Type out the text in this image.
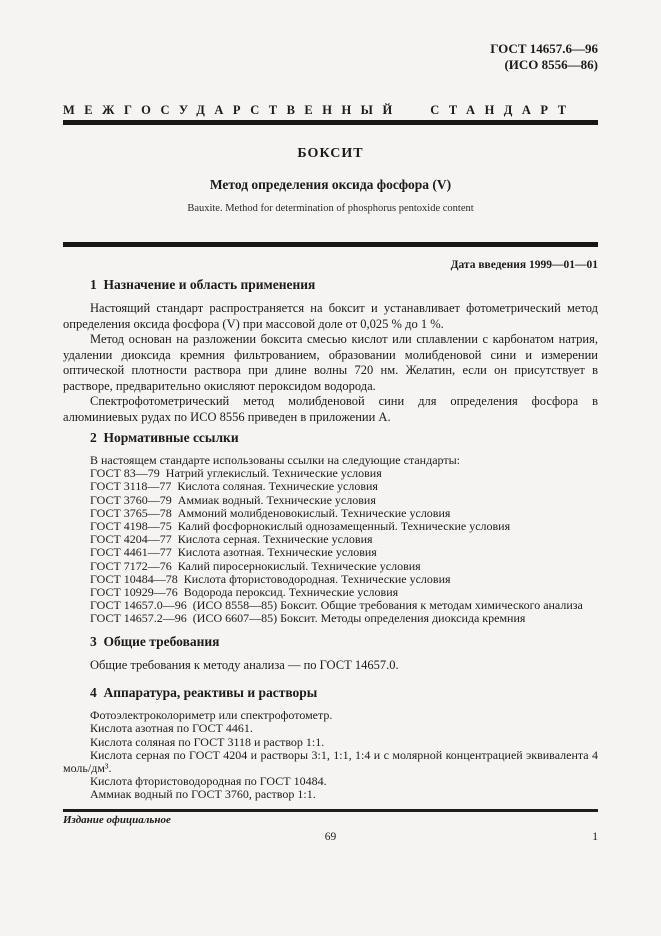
ГОСТ 14657.6—96
(ИСО 8556—86)
МЕЖГОСУДАРСТВЕННЫЙ СТАНДАРТ
БОКСИТ
Метод определения оксида фосфора (V)
Bauxite. Method for determination of phosphorus pentoxide content
Дата введения 1999—01—01

1  Назначение и область применения

Настоящий стандарт распространяется на боксит и устанавливает фотометрический метод определения оксида фосфора (V) при массовой доле от 0,025 % до 1 %.

Метод основан на разложении боксита смесью кислот или сплавлении с карбонатом натрия, удалении диоксида кремния фильтрованием, образовании молибденовой сини и измерении оптической плотности раствора при длине волны 720 нм. Желатин, если он присутствует в растворе, предварительно окисляют пероксидом водорода.

Спектрофотометрический метод молибденовой сини для определения фосфора в алюминиевых рудах по ИСО 8556 приведен в приложении А.

2  Нормативные ссылки

В настоящем стандарте использованы ссылки на следующие стандарты:

ГОСТ 83—79  Натрий углекислый. Технические условия

ГОСТ 3118—77  Кислота соляная. Технические условия

ГОСТ 3760—79  Аммиак водный. Технические условия

ГОСТ 3765—78  Аммоний молибденовокислый. Технические условия

ГОСТ 4198—75  Калий фосфорнокислый однозамещенный. Технические условия

ГОСТ 4204—77  Кислота серная. Технические условия

ГОСТ 4461—77  Кислота азотная. Технические условия

ГОСТ 7172—76  Калий пиросернокислый. Технические условия

ГОСТ 10484—78  Кислота фтористоводородная. Технические условия

ГОСТ 10929—76  Водорода пероксид. Технические условия

ГОСТ 14657.0—96  (ИСО 8558—85) Боксит. Общие требования к методам химического анализа

ГОСТ 14657.2—96  (ИСО 6607—85) Боксит. Методы определения диоксида кремния

3  Общие требования

Общие требования к методу анализа — по ГОСТ 14657.0.

4  Аппаратура, реактивы и растворы

Фотоэлектроколориметр или спектрофотометр.

Кислота азотная по ГОСТ 4461.

Кислота соляная по ГОСТ 3118 и раствор 1:1.

Кислота серная по ГОСТ 4204 и растворы 3:1, 1:1, 1:4 и с молярной концентрацией эквивалента 4 моль/дм³.

Кислота фтористоводородная по ГОСТ 10484.

Аммиак водный по ГОСТ 3760, раствор 1:1.

Издание официальное
69	1
